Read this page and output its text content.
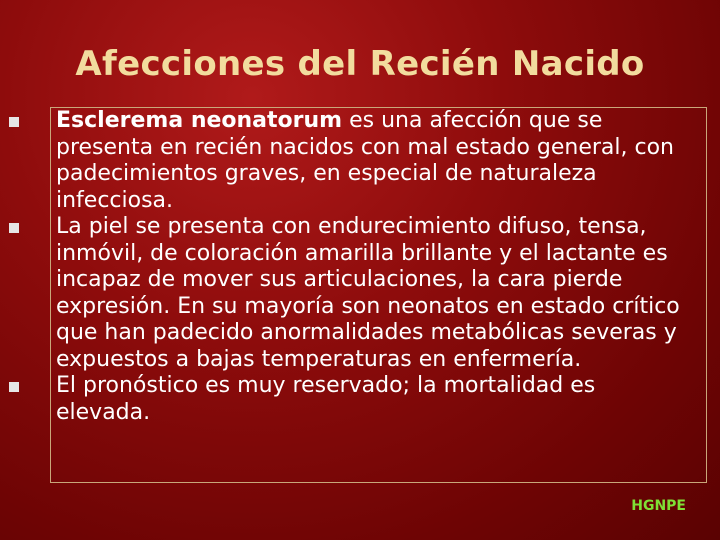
Afecciones del Recién Nacido
Esclerema neonatorum es una afección que se presenta en recién nacidos con mal estado general, con padecimientos graves, en especial de naturaleza infecciosa.
La piel se presenta con endurecimiento difuso, tensa, inmóvil, de coloración amarilla brillante y el lactante es incapaz de mover sus articulaciones, la cara pierde expresión. En su mayoría son neonatos en estado crítico que han padecido anormalidades metabólicas severas y expuestos a bajas temperaturas en enfermería.
El pronóstico es muy reservado; la mortalidad es elevada.
HGNPE
